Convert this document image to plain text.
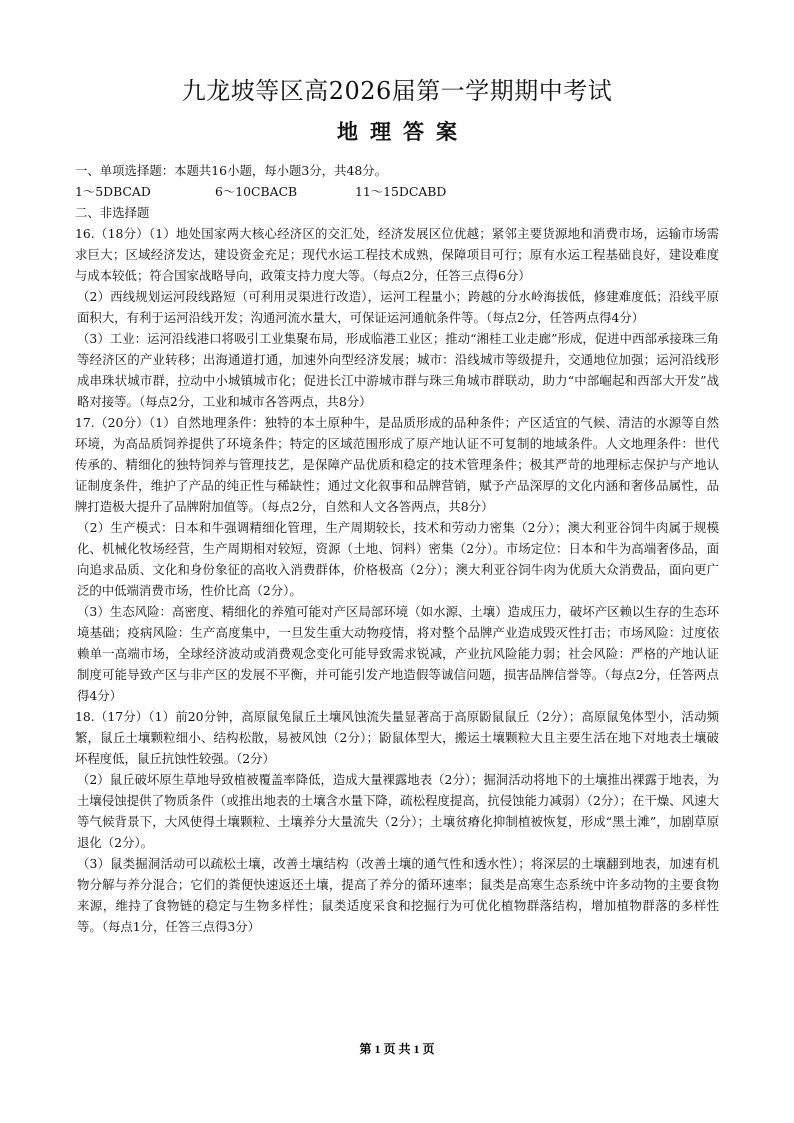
九龙坡等区高2026届第一学期期中考试
地理答案

一、单项选择题：本题共16小题，每小题3分，共48分。

1～5DBCAD	6～10CBACB	11～15DCABD

二、非选择题

16.（18分）（1）地处国家两大核心经济区的交汇处，经济发展区位优越；紧邻主要货源地和消费市场，运输市场需求巨大；区域经济发达，建设资金充足；现代水运工程技术成熟，保障项目可行；原有水运工程基础良好，建设难度与成本较低；符合国家战略导向，政策支持力度大等。（每点2分，任答三点得6分）

（2）西线规划运河段线路短（可利用灵渠进行改造），运河工程量小；跨越的分水岭海拔低，修建难度低；沿线平原面积大，有利于运河沿线开发；沟通河流水量大，可保证运河通航条件等。（每点2分，任答两点得4分）

（3）工业：运河沿线港口将吸引工业集聚布局，形成临港工业区；推动“湘桂工业走廊”形成，促进中西部承接珠三角等经济区的产业转移；出海通道打通，加速外向型经济发展；城市：沿线城市等级提升，交通地位加强；运河沿线形成串珠状城市群，拉动中小城镇城市化；促进长江中游城市群与珠三角城市群联动，助力“中部崛起和西部大开发”战略对接等。（每点2分，工业和城市各答两点，共8分）

17.（20分）（1）自然地理条件：独特的本土原种牛，是品质形成的品种条件；产区适宜的气候、清洁的水源等自然环境，为高品质饲养提供了环境条件；特定的区域范围形成了原产地认证不可复制的地域条件。人文地理条件：世代传承的、精细化的独特饲养与管理技艺，是保障产品优质和稳定的技术管理条件；极其严苛的地理标志保护与产地认证制度条件，维护了产品的纯正性与稀缺性；通过文化叙事和品牌营销，赋予产品深厚的文化内涵和奢侈品属性，品牌打造极大提升了品牌附加值等。（每点2分，自然和人文各答两点，共8分）

（2）生产模式：日本和牛强调精细化管理，生产周期较长，技术和劳动力密集（2分）；澳大利亚谷饲牛肉属于规模化、机械化牧场经营，生产周期相对较短，资源（土地、饲料）密集（2分）。市场定位：日本和牛为高端奢侈品，面向追求品质、文化和身份象征的高收入消费群体，价格极高（2分）；澳大利亚谷饲牛肉为优质大众消费品，面向更广泛的中低端消费市场，性价比高（2分）。

（3）生态风险：高密度、精细化的养殖可能对产区局部环境（如水源、土壤）造成压力，破坏产区赖以生存的生态环境基础；疫病风险：生产高度集中，一旦发生重大动物疫情，将对整个品牌产业造成毁灭性打击；市场风险：过度依赖单一高端市场，全球经济波动或消费观念变化可能导致需求锐减，产业抗风险能力弱；社会风险：严格的产地认证制度可能导致产区与非产区的发展不平衡，并可能引发产地造假等诚信问题，损害品牌信誉等。（每点2分，任答两点得4分）

18.（17分）（1）前20分钟，高原鼠兔鼠丘土壤风蚀流失量显著高于高原鼢鼠鼠丘（2分）；高原鼠兔体型小，活动频繁，鼠丘土壤颗粒细小、结构松散，易被风蚀（2分）；鼢鼠体型大，搬运土壤颗粒大且主要生活在地下对地表土壤破坏程度低，鼠丘抗蚀性较强。（2分）

（2）鼠丘破坏原生草地导致植被覆盖率降低，造成大量裸露地表（2分）；掘洞活动将地下的土壤推出裸露于地表，为土壤侵蚀提供了物质条件（或推出地表的土壤含水量下降，疏松程度提高，抗侵蚀能力减弱）（2分）；在干燥、风速大等气候背景下，大风使得土壤颗粒、土壤养分大量流失（2分）；土壤贫瘠化抑制植被恢复，形成“黑土滩”，加剧草原退化（2分）。

（3）鼠类掘洞活动可以疏松土壤，改善土壤结构（改善土壤的通气性和透水性）；将深层的土壤翻到地表，加速有机物分解与养分混合；它们的粪便快速返还土壤，提高了养分的循环速率；鼠类是高寒生态系统中许多动物的主要食物来源，维持了食物链的稳定与生物多样性；鼠类适度采食和挖掘行为可优化植物群落结构，增加植物群落的多样性等。（每点1分，任答三点得3分）

第 1 页 共 1 页
